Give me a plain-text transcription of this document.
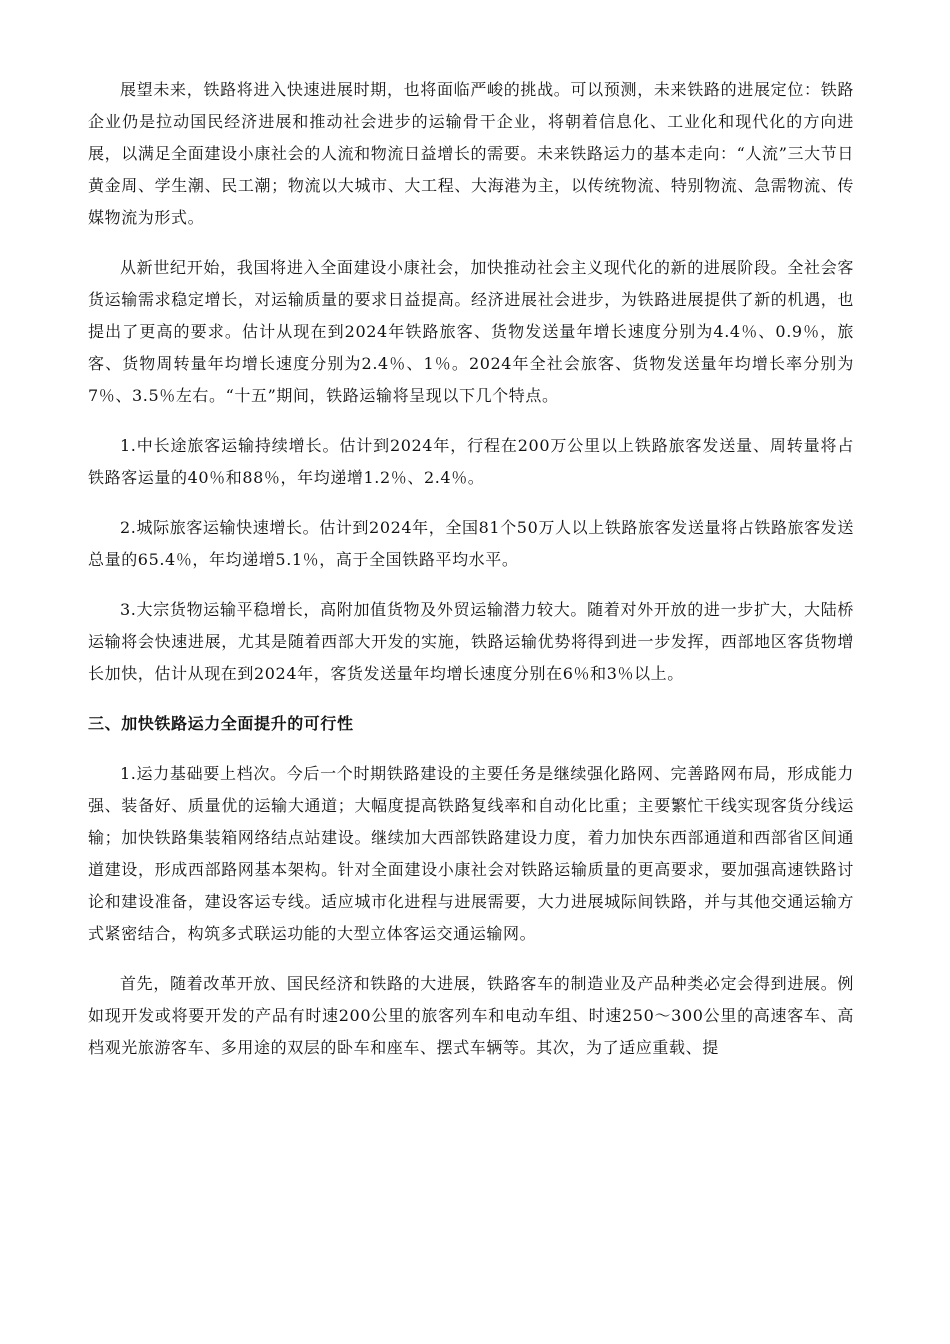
展望未来，铁路将进入快速进展时期，也将面临严峻的挑战。可以预测，未来铁路的进展定位：铁路企业仍是拉动国民经济进展和推动社会进步的运输骨干企业，将朝着信息化、工业化和现代化的方向进展，以满足全面建设小康社会的人流和物流日益增长的需要。未来铁路运力的基本走向：“人流”三大节日黄金周、学生潮、民工潮；物流以大城市、大工程、大海港为主，以传统物流、特别物流、急需物流、传媒物流为形式。

从新世纪开始，我国将进入全面建设小康社会，加快推动社会主义现代化的新的进展阶段。全社会客货运输需求稳定增长，对运输质量的要求日益提高。经济进展社会进步，为铁路进展提供了新的机遇，也提出了更高的要求。估计从现在到2024年铁路旅客、货物发送量年增长速度分别为4.4％、0.9％，旅客、货物周转量年均增长速度分别为2.4％、1％。2024年全社会旅客、货物发送量年均增长率分别为7％、3.5％左右。“十五”期间，铁路运输将呈现以下几个特点。

1.中长途旅客运输持续增长。估计到2024年，行程在200万公里以上铁路旅客发送量、周转量将占铁路客运量的40％和88％，年均递增1.2％、2.4％。

2.城际旅客运输快速增长。估计到2024年，全国81个50万人以上铁路旅客发送量将占铁路旅客发送总量的65.4％，年均递增5.1％，高于全国铁路平均水平。

3.大宗货物运输平稳增长，高附加值货物及外贸运输潜力较大。随着对外开放的进一步扩大，大陆桥运输将会快速进展，尤其是随着西部大开发的实施，铁路运输优势将得到进一步发挥，西部地区客货物增长加快，估计从现在到2024年，客货发送量年均增长速度分别在6％和3％以上。

三、加快铁路运力全面提升的可行性

1.运力基础要上档次。今后一个时期铁路建设的主要任务是继续强化路网、完善路网布局，形成能力强、装备好、质量优的运输大通道；大幅度提高铁路复线率和自动化比重；主要繁忙干线实现客货分线运输；加快铁路集装箱网络结点站建设。继续加大西部铁路建设力度，着力加快东西部通道和西部省区间通道建设，形成西部路网基本架构。针对全面建设小康社会对铁路运输质量的更高要求，要加强高速铁路讨论和建设准备，建设客运专线。适应城市化进程与进展需要，大力进展城际间铁路，并与其他交通运输方式紧密结合，构筑多式联运功能的大型立体客运交通运输网。

首先，随着改革开放、国民经济和铁路的大进展，铁路客车的制造业及产品种类必定会得到进展。例如现开发或将要开发的产品有时速200公里的旅客列车和电动车组、时速250～300公里的高速客车、高档观光旅游客车、多用途的双层的卧车和座车、摆式车辆等。其次，为了适应重载、提
